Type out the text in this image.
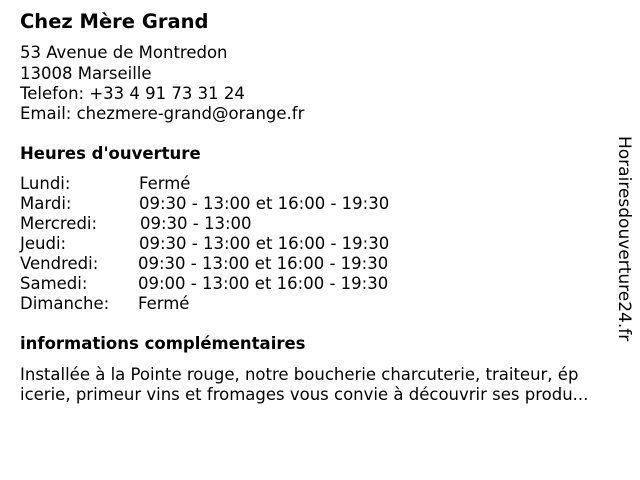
Chez Mère Grand
53 Avenue de Montredon
13008 Marseille
Telefon: +33 4 91 73 31 24
Email: chezmere-grand@orange.fr
Heures d'ouverture
Lundi:	Fermé
Mardi:	09:30 - 13:00 et 16:00 - 19:30
Mercredi:	09:30 - 13:00
Jeudi:	09:30 - 13:00 et 16:00 - 19:30
Vendredi: 09:30 - 13:00 et 16:00 - 19:30
Samedi:	09:00 - 13:00 et 16:00 - 19:30
Dimanche: Fermé
informations complémentaires
Installée à la Pointe rouge, notre boucherie charcuterie, traiteur, ép
icerie, primeur vins et fromages vous convie à découvrir ses produ...
Horairesdouverture24.fr
